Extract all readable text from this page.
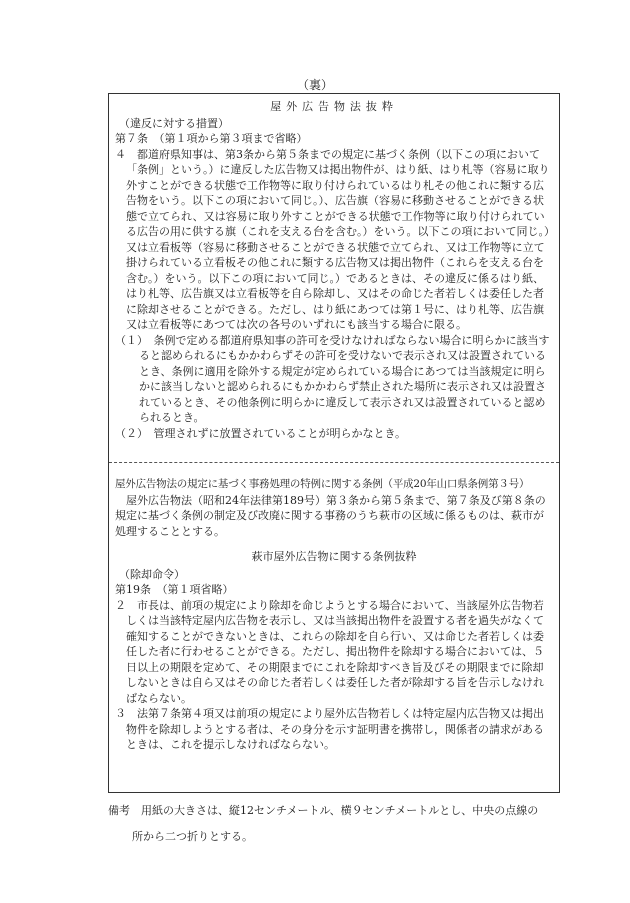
（裏）

屋外広告物法抜粋

（違反に対する措置）

第７条　（第１項から第３項まで省略）

４　都道府県知事は、第3条から第５条までの規定に基づく条例（以下この項において「条例」という。）に違反した広告物又は掲出物件が、はり紙、はり札等（容易に取り外すことができる状態で工作物等に取り付けられているはり札その他これに類する広告物をいう。以下この項において同じ。）、広告旗（容易に移動させることができる状態で立てられ、又は容易に取り外すことができる状態で工作物等に取り付けられている広告の用に供する旗（これを支える台を含む。）をいう。以下この項において同じ。）又は立看板等（容易に移動させることができる状態で立てられ、又は工作物等に立て掛けられている立看板その他これに類する広告物又は掲出物件（これらを支える台を含む。）をいう。以下この項において同じ。）であるときは、その違反に係るはり紙、はり札等、広告旗又は立看板等を自ら除却し、又はその命じた者若しくは委任した者に除却させることができる。ただし、はり紙にあつては第１号に、はり札等、広告旗又は立看板等にあつては次の各号のいずれにも該当する場合に限る。

（１）　条例で定める都道府県知事の許可を受けなければならない場合に明らかに該当すると認められるにもかかわらずその許可を受けないで表示され又は設置されているとき、条例に適用を除外する規定が定められている場合にあつては当該規定に明らかに該当しないと認められるにもかかわらず禁止された場所に表示され又は設置されているとき、その他条例に明らかに違反して表示され又は設置されていると認められるとき。

（２）　管理されずに放置されていることが明らかなとき。

屋外広告物法の規定に基づく事務処理の特例に関する条例（平成20年山口県条例第３号）

屋外広告物法（昭和24年法律第189号）第３条から第５条まで、第７条及び第８条の規定に基づく条例の制定及び改廃に関する事務のうち萩市の区域に係るものは、萩市が処理することとする。

萩市屋外広告物に関する条例抜粋

（除却命令）

第19条　（第１項省略）

２　市長は、前項の規定により除却を命じようとする場合において、当該屋外広告物若しくは当該特定屋内広告物を表示し、又は当該掲出物件を設置する者を過失がなくて確知することができないときは、これらの除却を自ら行い、又は命じた者若しくは委任した者に行わせることができる。ただし、掲出物件を除却する場合においては、５日以上の期限を定めて、その期限までにこれを除却すべき旨及びその期限までに除却しないときは自ら又はその命じた者若しくは委任した者が除却する旨を告示しなければならない。

３　法第７条第４項又は前項の規定により屋外広告物若しくは特定屋内広告物又は掲出物件を除却しようとする者は、その身分を示す証明書を携帯し，関係者の請求があるときは、これを提示しなければならない。

備考　用紙の大きさは、縦12センチメートル、横９センチメートルとし、中央の点線の

所から二つ折りとする。
